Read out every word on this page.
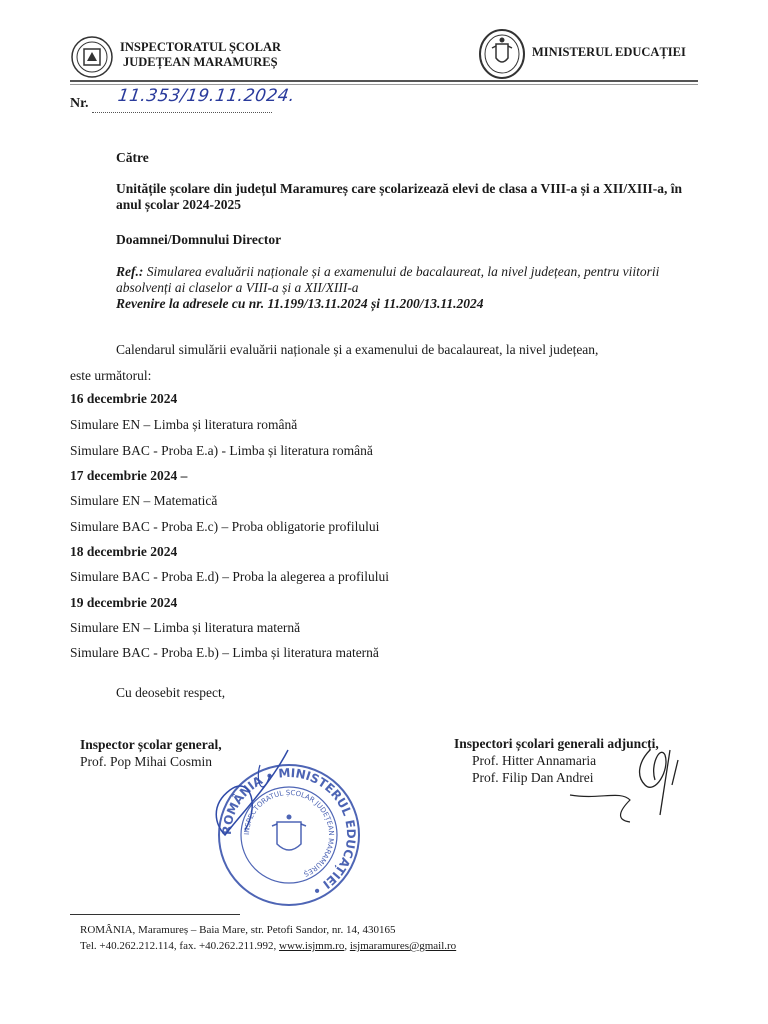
INSPECTORATUL ȘCOLAR
JUDEȚEAN MARAMUREȘ
MINISTERUL EDUCAȚIEI
Nr. 11.353/19.11.2024.
Către
Unitățile școlare din județul Maramureș care școlarizează elevi de clasa a VIII-a și a XII/XIII-a, în anul școlar 2024-2025
Doamnei/Domnului Director
Ref.: Simularea evaluării naționale și a examenului de bacalaureat, la nivel județean, pentru viitorii absolvenți ai claselor a VIII-a și a XII/XIII-a
Revenire la adresele cu nr. 11.199/13.11.2024 și 11.200/13.11.2024
Calendarul simulării evaluării naționale și a examenului de bacalaureat, la nivel județean,
este următorul:
16 decembrie 2024
Simulare EN – Limba și literatura română
Simulare BAC - Proba E.a) - Limba și literatura română
17 decembrie 2024 –
Simulare EN – Matematică
Simulare BAC - Proba E.c) – Proba obligatorie profilului
18 decembrie 2024
Simulare BAC - Proba E.d) – Proba la alegerea a profilului
19 decembrie 2024
Simulare EN – Limba și literatura maternă
Simulare BAC - Proba E.b) – Limba și literatura maternă
Cu deosebit respect,
Inspector școlar general,
Prof. Pop Mihai Cosmin
Inspectori școlari generali adjuncți,
Prof. Hitter Annamaria
Prof. Filip Dan Andrei
ROMÂNIA • MINISTERUL EDUCAȚIEI •
INSPECTORATUL ȘCOLAR JUDEȚEAN MARAMUREȘ
ROMÂNIA, Maramureș – Baia Mare, str. Petofi Sandor, nr. 14, 430165
Tel. +40.262.212.114, fax. +40.262.211.992, www.isjmm.ro, isjmaramures@gmail.ro
